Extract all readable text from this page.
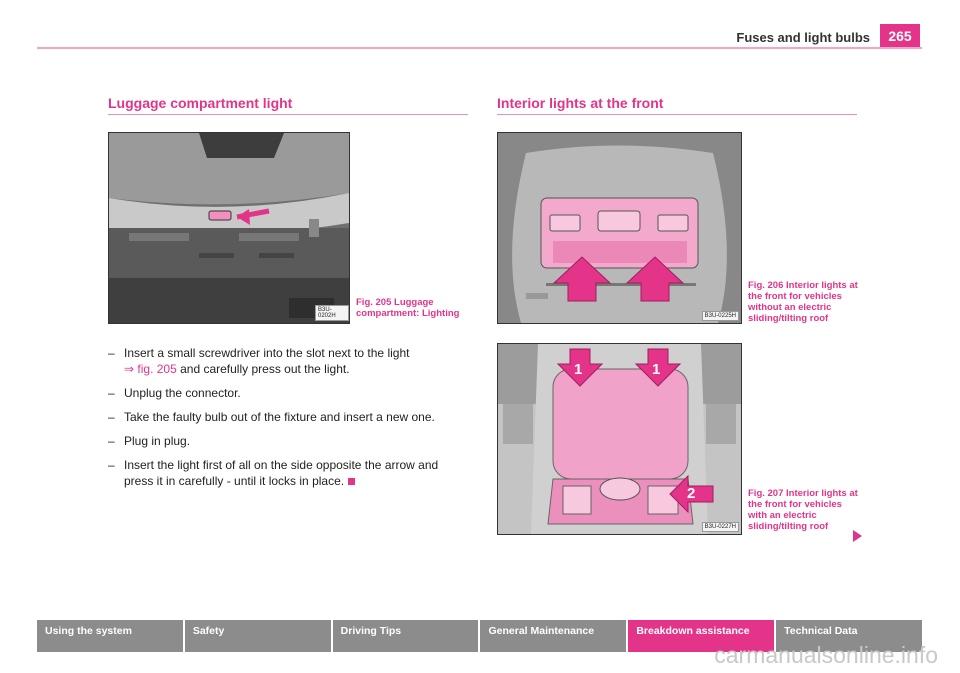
Fuses and light bulbs	265
Luggage compartment light
B3U-0202H
Fig. 205 Luggage compartment: Lighting
– Insert a small screwdriver into the slot next to the light
⇒ fig. 205 and carefully press out the light.
– Unplug the connector.
– Take the faulty bulb out of the fixture and insert a new one.
– Plug in plug.
– Insert the light first of all on the side opposite the arrow and press it in carefully - until it locks in place.
Interior lights at the front
B3U-0225H
Fig. 206 Interior lights at the front for vehicles without an electric sliding/tilting roof
1	1
2
B3U-0227H
Fig. 207 Interior lights at the front for vehicles with an electric sliding/tilting roof
Using the system	Safety	Driving Tips	General Maintenance	Breakdown assistance	Technical Data
carmanualsonline.info
